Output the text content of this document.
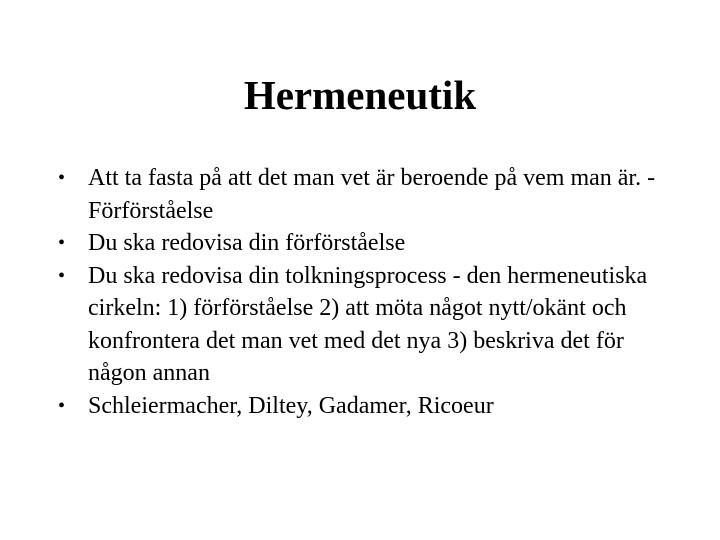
Hermeneutik
• Att ta fasta på att det man vet är beroende på vem man är. - Förförståelse
• Du ska redovisa din förförståelse
• Du ska redovisa din tolkningsprocess - den hermeneutiska cirkeln: 1) förförståelse 2) att möta något nytt/okänt och konfrontera det man vet med det nya 3) beskriva det för någon annan
• Schleiermacher, Diltey, Gadamer, Ricoeur
